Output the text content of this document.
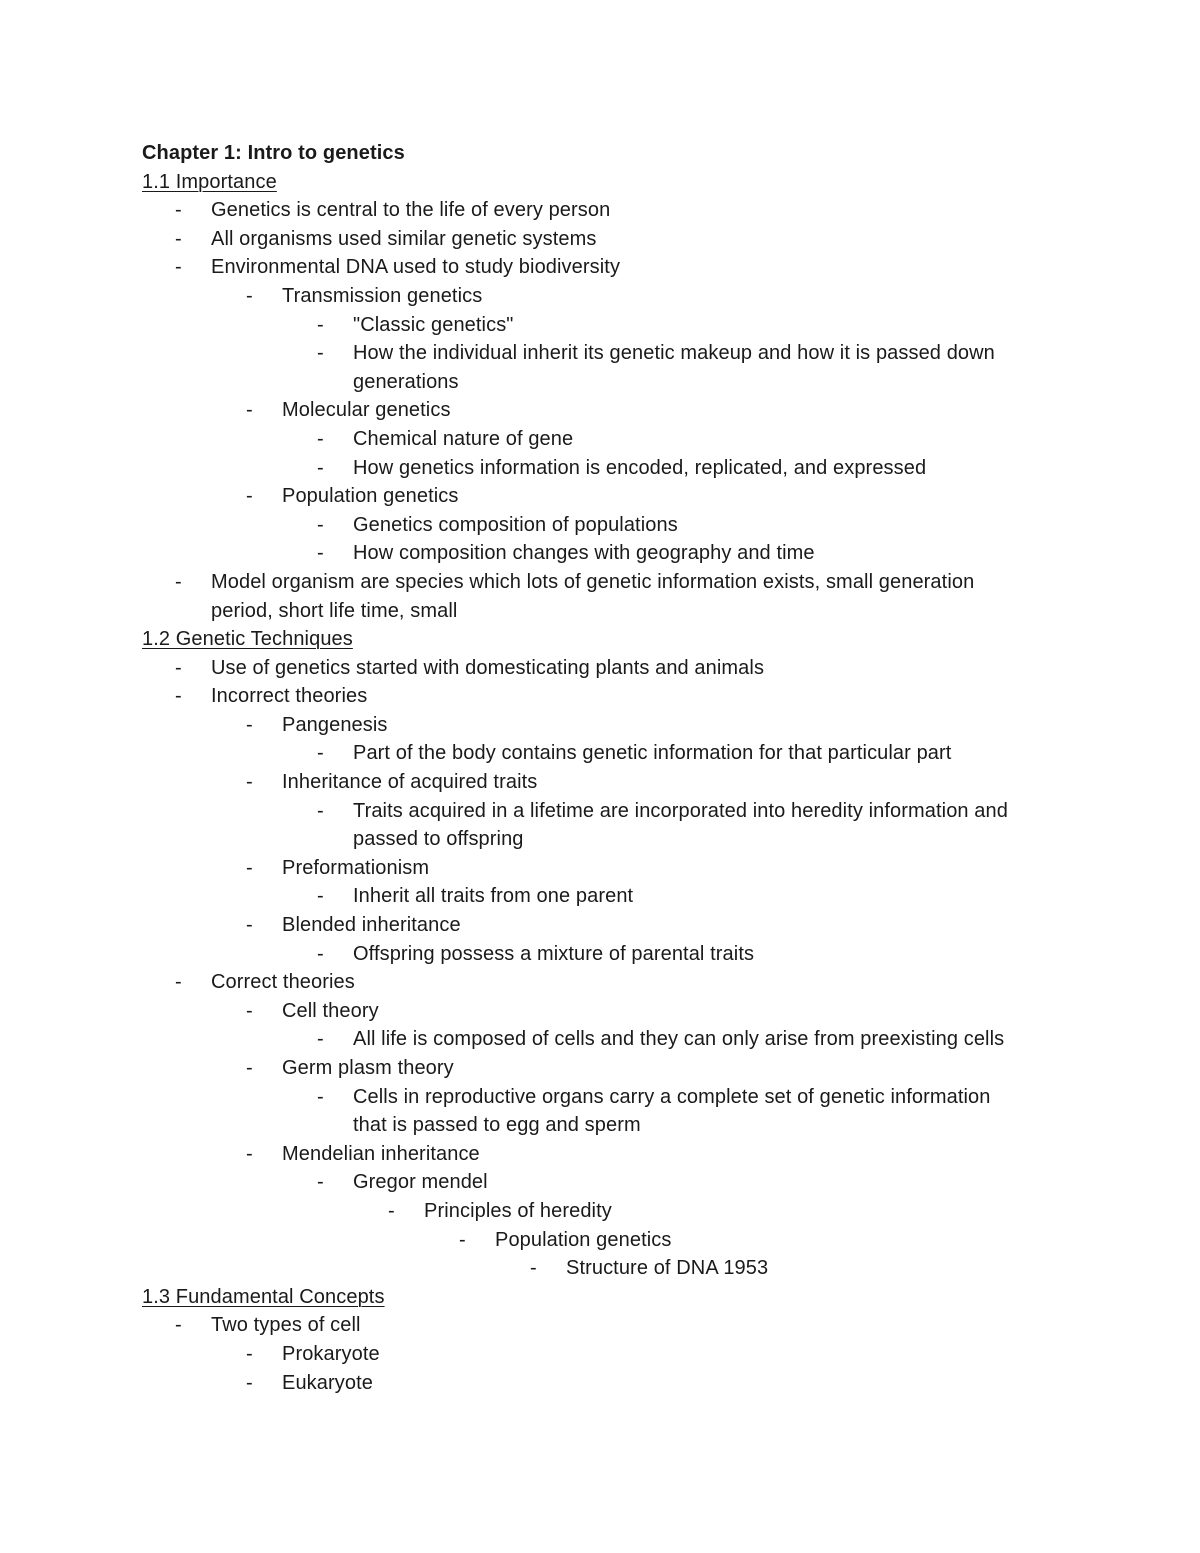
Chapter 1: Intro to genetics
1.1 Importance
-	Genetics is central to the life of every person
-	All organisms used similar genetic systems
-	Environmental DNA used to study biodiversity
-	Transmission genetics
-	"Classic genetics"
-	How the individual inherit its genetic makeup and how it is passed down
generations
-	Molecular genetics
-	Chemical nature of gene
-	How genetics information is encoded, replicated, and expressed
-	Population genetics
-	Genetics composition of populations
-	How composition changes with geography and time
-	Model organism are species which lots of genetic information exists, small generation
period, short life time, small
1.2 Genetic Techniques
-	Use of genetics started with domesticating plants and animals
-	Incorrect theories
-	Pangenesis
-	Part of the body contains genetic information for that particular part
-	Inheritance of acquired traits
-	Traits acquired in a lifetime are incorporated into heredity information and
passed to offspring
-	Preformationism
-	Inherit all traits from one parent
-	Blended inheritance
-	Offspring possess a mixture of parental traits
-	Correct theories
-	Cell theory
-	All life is composed of cells and they can only arise from preexisting cells
-	Germ plasm theory
-	Cells in reproductive organs carry a complete set of genetic information
that is passed to egg and sperm
-	Mendelian inheritance
-	Gregor mendel
-	Principles of heredity
-	Population genetics
-	Structure of DNA 1953
1.3 Fundamental Concepts
-	Two types of cell
-	Prokaryote
-	Eukaryote
